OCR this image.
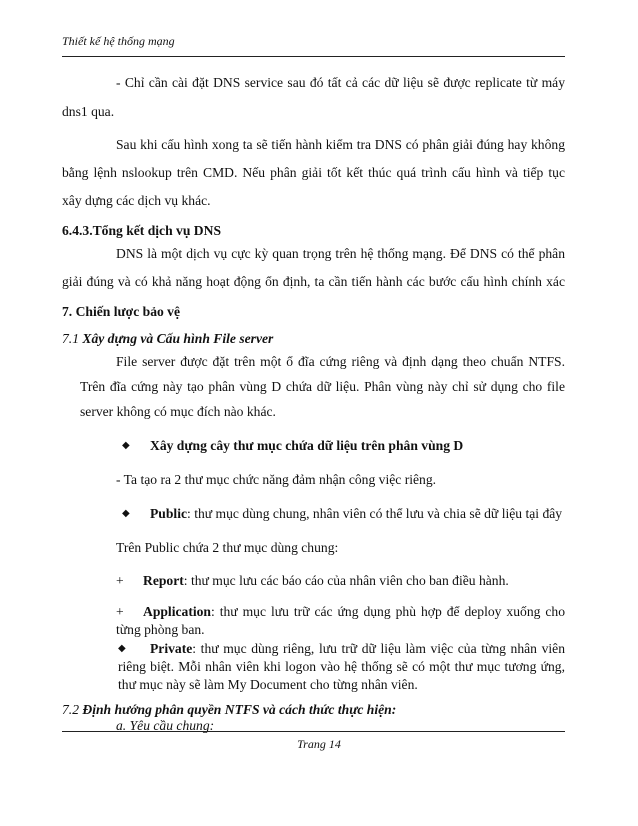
Thiết kế hệ thống mạng
- Chỉ cần cài đặt DNS service sau đó tất cả các dữ liệu sẽ được replicate từ máy
dns1 qua.
Sau khi cấu hình xong ta sẽ tiến hành kiểm tra DNS có phân giải đúng hay không
bằng lệnh nslookup trên CMD. Nếu phân giải tốt kết thúc quá trình cấu hình và tiếp tục
xây dựng các dịch vụ khác.
6.4.3.Tổng kết dịch vụ DNS
DNS là một dịch vụ cực kỳ quan trọng trên hệ thống mạng. Để DNS có thể phân
giải đúng và có khả năng hoạt động ổn định, ta cần tiến hành các bước cấu hình chính xác
7. Chiến lược bảo vệ
7.1 Xây dựng và Cấu hình File server
File server được đặt trên một ổ đĩa cứng riêng và định dạng theo chuẩn NTFS.
Trên đĩa cứng này tạo phân vùng D chứa dữ liệu. Phân vùng này chỉ sử dụng cho file
server không có mục đích nào khác.
◆ Xây dựng cây thư mục chứa dữ liệu trên phân vùng D
- Ta tạo ra 2 thư mục chức năng đảm nhận công việc riêng.
◆ Public: thư mục dùng chung, nhân viên có thể lưu và chia sẽ dữ liệu tại đây
Trên Public chứa 2 thư mục dùng chung:
+ Report: thư mục lưu các báo cáo của nhân viên cho ban điều hành.
+ Application: thư mục lưu trữ các ứng dụng phù hợp để deploy xuống cho
từng phòng ban.
◆ Private: thư mục dùng riêng, lưu trữ dữ liệu làm việc của từng nhân viên
riêng biệt. Mỗi nhân viên khi logon vào hệ thống sẽ có một thư mục tương ứng,
thư mục này sẽ làm My Document cho từng nhân viên.
7.2 Định hướng phân quyền NTFS và cách thức thực hiện:
a. Yêu cầu chung:
Trang 14
